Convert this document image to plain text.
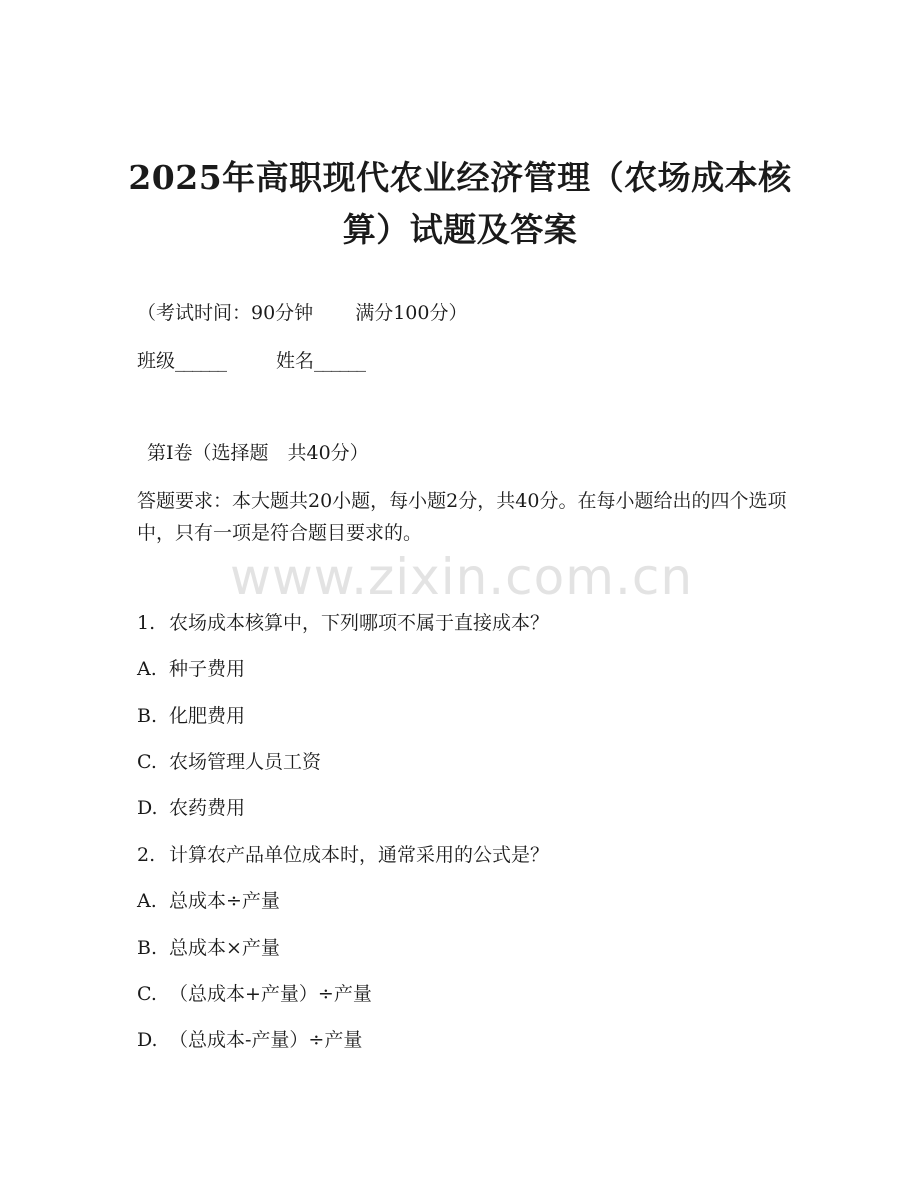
www.zixin.com.cn
2025年高职现代农业经济管理（农场成本核
算）试题及答案
（考试时间：90分钟 满分100分）
班级______	姓名______
第Ⅰ卷（选择题　共40分）
答题要求：本大题共20小题，每小题2分，共40分。在每小题给出的四个选项中，只有一项是符合题目要求的。
1. 农场成本核算中，下列哪项不属于直接成本？
A. 种子费用
B. 化肥费用
C. 农场管理人员工资
D. 农药费用
2. 计算农产品单位成本时，通常采用的公式是？
A. 总成本÷产量
B. 总成本×产量
C. （总成本+产量）÷产量
D. （总成本-产量）÷产量
